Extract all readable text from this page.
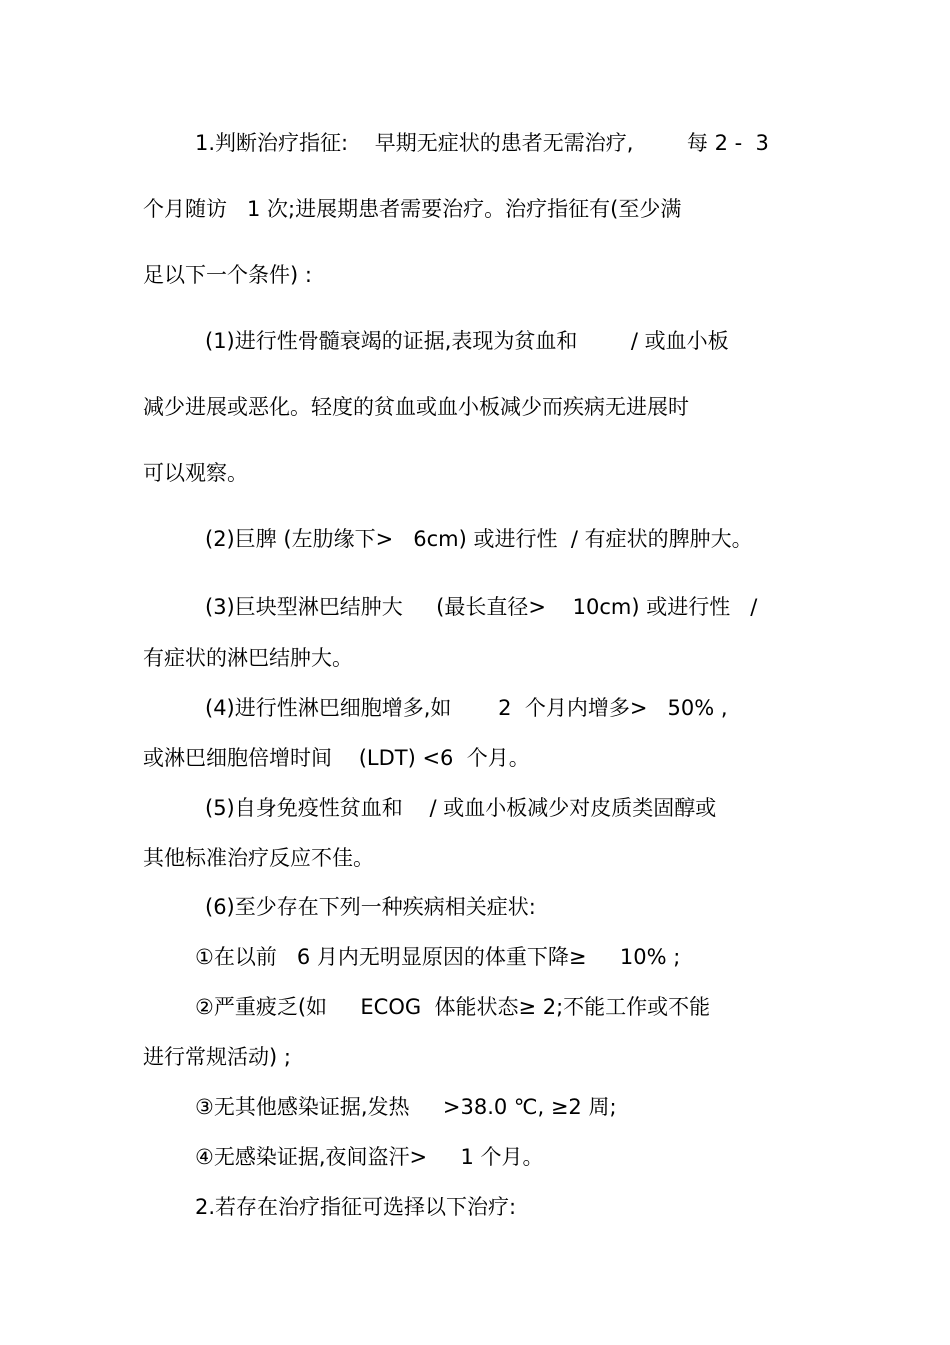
1.判断治疗指征:    早期无症状的患者无需治疗,        每 2 -  3
个月随访   1 次;进展期患者需要治疗。治疗指征有(至少满
足以下一个条件) :
(1)进行性骨髓衰竭的证据,表现为贫血和        / 或血小板
减少进展或恶化。轻度的贫血或血小板减少而疾病无进展时
可以观察。
(2)巨脾 (左肋缘下>   6cm) 或进行性  / 有症状的脾肿大。
(3)巨块型淋巴结肿大     (最长直径>    10cm) 或进行性   /
有症状的淋巴结肿大。
(4)进行性淋巴细胞增多,如       2  个月内增多>   50% ,
或淋巴细胞倍增时间    (LDT) <6  个月。
(5)自身免疫性贫血和    / 或血小板减少对皮质类固醇或
其他标准治疗反应不佳。
(6)至少存在下列一种疾病相关症状:
①在以前   6 月内无明显原因的体重下降≥     10% ;
②严重疲乏(如     ECOG  体能状态≥ 2;不能工作或不能
进行常规活动) ;
③无其他感染证据,发热     >38.0 ℃, ≥2 周;
④无感染证据,夜间盗汗>     1 个月。
2.若存在治疗指征可选择以下治疗:
